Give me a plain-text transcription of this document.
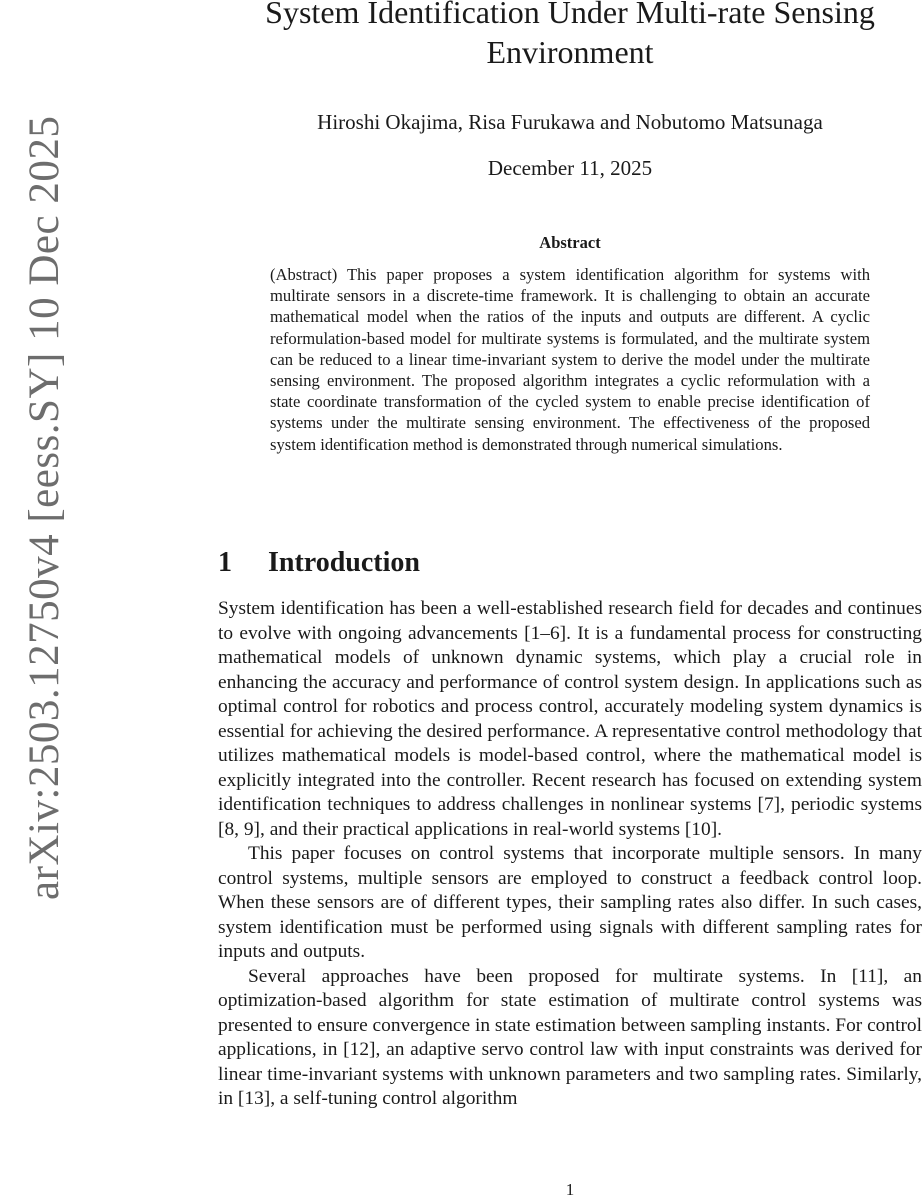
arXiv:2503.12750v4 [eess.SY] 10 Dec 2025
System Identification Under Multi-rate Sensing Environment
Hiroshi Okajima, Risa Furukawa and Nobutomo Matsunaga
December 11, 2025
Abstract
(Abstract) This paper proposes a system identification algorithm for systems with multirate sensors in a discrete-time framework. It is challenging to obtain an accurate mathematical model when the ratios of the inputs and outputs are different. A cyclic reformulation-based model for multirate systems is formulated, and the multirate system can be reduced to a linear time-invariant system to derive the model under the multirate sensing environment. The proposed algorithm integrates a cyclic reformulation with a state coordinate transformation of the cycled system to enable precise identification of systems under the multirate sensing environment. The effectiveness of the proposed system identification method is demonstrated through numerical simulations.
1 Introduction

System identification has been a well-established research field for decades and continues to evolve with ongoing advancements [1–6]. It is a fundamental process for constructing mathematical models of unknown dynamic systems, which play a crucial role in enhancing the accuracy and performance of control system design. In applications such as optimal control for robotics and process control, accurately modeling system dynamics is essential for achieving the desired performance. A representative control methodology that utilizes mathematical models is model-based control, where the mathematical model is explicitly integrated into the controller. Recent research has focused on extending system identification techniques to address challenges in nonlinear systems [7], periodic systems [8, 9], and their practical applications in real-world systems [10].

This paper focuses on control systems that incorporate multiple sensors. In many control systems, multiple sensors are employed to construct a feedback control loop. When these sensors are of different types, their sampling rates also differ. In such cases, system identification must be performed using signals with different sampling rates for inputs and outputs.

Several approaches have been proposed for multirate systems. In [11], an optimization-based algorithm for state estimation of multirate control systems was presented to ensure convergence in state estimation between sampling instants. For control applications, in [12], an adaptive servo control law with input constraints was derived for linear time-invariant systems with unknown parameters and two sampling rates. Similarly, in [13], a self-tuning control algorithm

1
